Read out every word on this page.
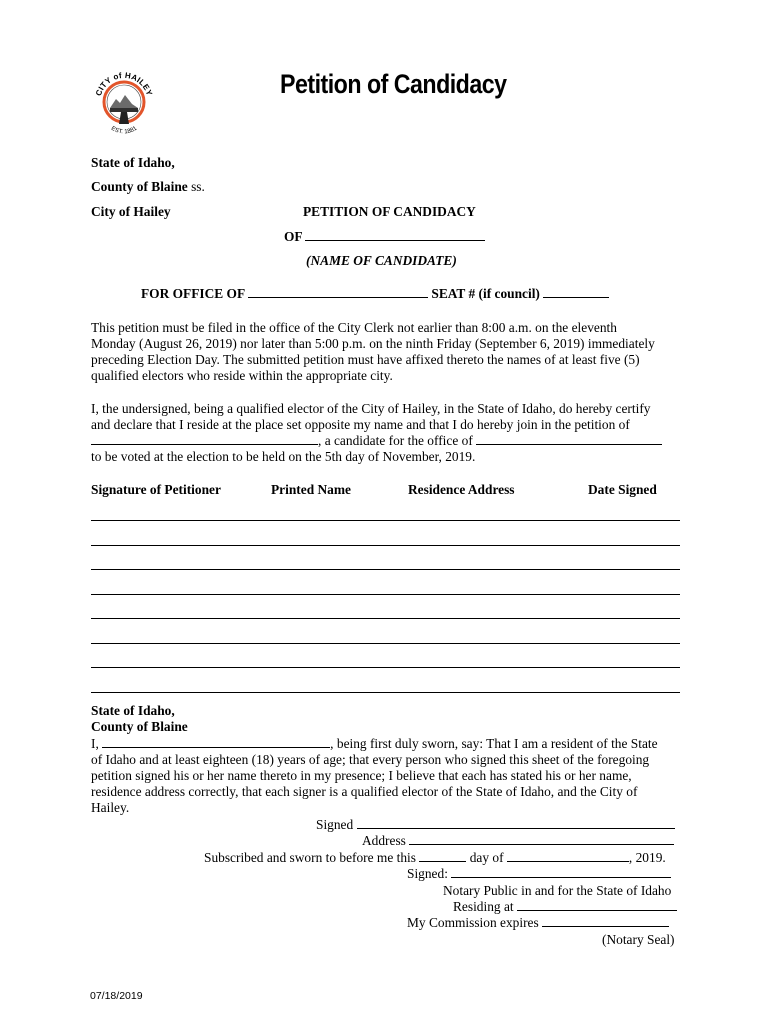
CITY of HAILEY
EST. 1881
Petition of Candidacy
State of Idaho,
County of Blaine ss.
City of Hailey	PETITION OF CANDIDACY
OF
(NAME OF CANDIDATE)
FOR OFFICE OF	SEAT # (if council)
This petition must be filed in the office of the City Clerk not earlier than 8:00 a.m. on the eleventh
Monday (August 26, 2019) nor later than 5:00 p.m. on the ninth Friday (September 6, 2019) immediately
preceding Election Day. The submitted petition must have affixed thereto the names of at least five (5)
qualified electors who reside within the appropriate city.
I, the undersigned, being a qualified elector of the City of Hailey, in the State of Idaho, do hereby certify
and declare that I reside at the place set opposite my name and that I do hereby join in the petition of
, a candidate for the office of
to be voted at the election to be held on the 5th day of November, 2019.
Signature of Petitioner	Printed Name	Residence Address	Date Signed
State of Idaho,
County of Blaine
I,	, being first duly sworn, say: That I am a resident of the State
of Idaho and at least eighteen (18) years of age; that every person who signed this sheet of the foregoing
petition signed his or her name thereto in my presence; I believe that each has stated his or her name,
residence address correctly, that each signer is a qualified elector of the State of Idaho, and the City of
Hailey.
Signed
Address
Subscribed and sworn to before me this	day of	, 2019.
Signed:
Notary Public in and for the State of Idaho
Residing at
My Commission expires
(Notary Seal)
07/18/2019
